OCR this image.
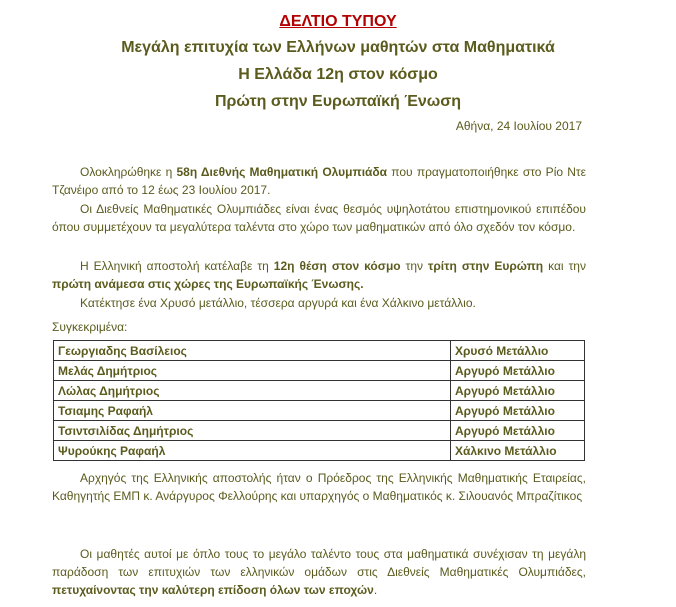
ΔΕΛΤΙΟ ΤΥΠΟΥ
Μεγάλη επιτυχία των Ελλήνων μαθητών στα Μαθηματικά
Η Ελλάδα 12η στον κόσμο
Πρώτη στην Ευρωπαϊκή Ένωση
Αθήνα, 24 Ιουλίου 2017
Ολοκληρώθηκε η 58η Διεθνής Μαθηματική Ολυμπιάδα που πραγματοποιήθηκε στο Ρίο Ντε Τζανέιρο από το 12 έως 23 Ιουλίου 2017.
Οι Διεθνείς Μαθηματικές Ολυμπιάδες είναι ένας θεσμός υψηλοτάτου επιστημονικού επιπέδου όπου συμμετέχουν τα μεγαλύτερα ταλέντα στο χώρο των μαθηματικών από όλο σχεδόν τον κόσμο.
Η Ελληνική αποστολή κατέλαβε τη 12η θέση στον κόσμο την τρίτη στην Ευρώπη και την πρώτη ανάμεσα στις χώρες της Ευρωπαϊκής Ένωσης.
Κατέκτησε ένα Χρυσό μετάλλιο, τέσσερα αργυρά και ένα Χάλκινο μετάλλιο.
Συγκεκριμένα:
Γεωργιαδης Βασίλειος	Χρυσό Μετάλλιο
Μελάς Δημήτριος	Αργυρό Μετάλλιο
Λώλας Δημήτριος	Αργυρό Μετάλλιο
Τσιαμης Ραφαήλ	Αργυρό Μετάλλιο
Τσιντσιλίδας Δημήτριος	Αργυρό Μετάλλιο
Ψυρούκης Ραφαήλ	Χάλκινο Μετάλλιο
Αρχηγός της Ελληνικής αποστολής ήταν ο Πρόεδρος της Ελληνικής Μαθηματικής Εταιρείας, Καθηγητής ΕΜΠ κ. Ανάργυρος Φελλούρης και υπαρχηγός ο Μαθηματικός κ. Σιλουανός Μπραζίτικος
Οι μαθητές αυτοί με όπλο τους το μεγάλο ταλέντο τους στα μαθηματικά συνέχισαν τη μεγάλη παράδοση των επιτυχιών των ελληνικών ομάδων στις Διεθνείς Μαθηματικές Ολυμπιάδες, πετυχαίνοντας την καλύτερη επίδοση όλων των εποχών.
